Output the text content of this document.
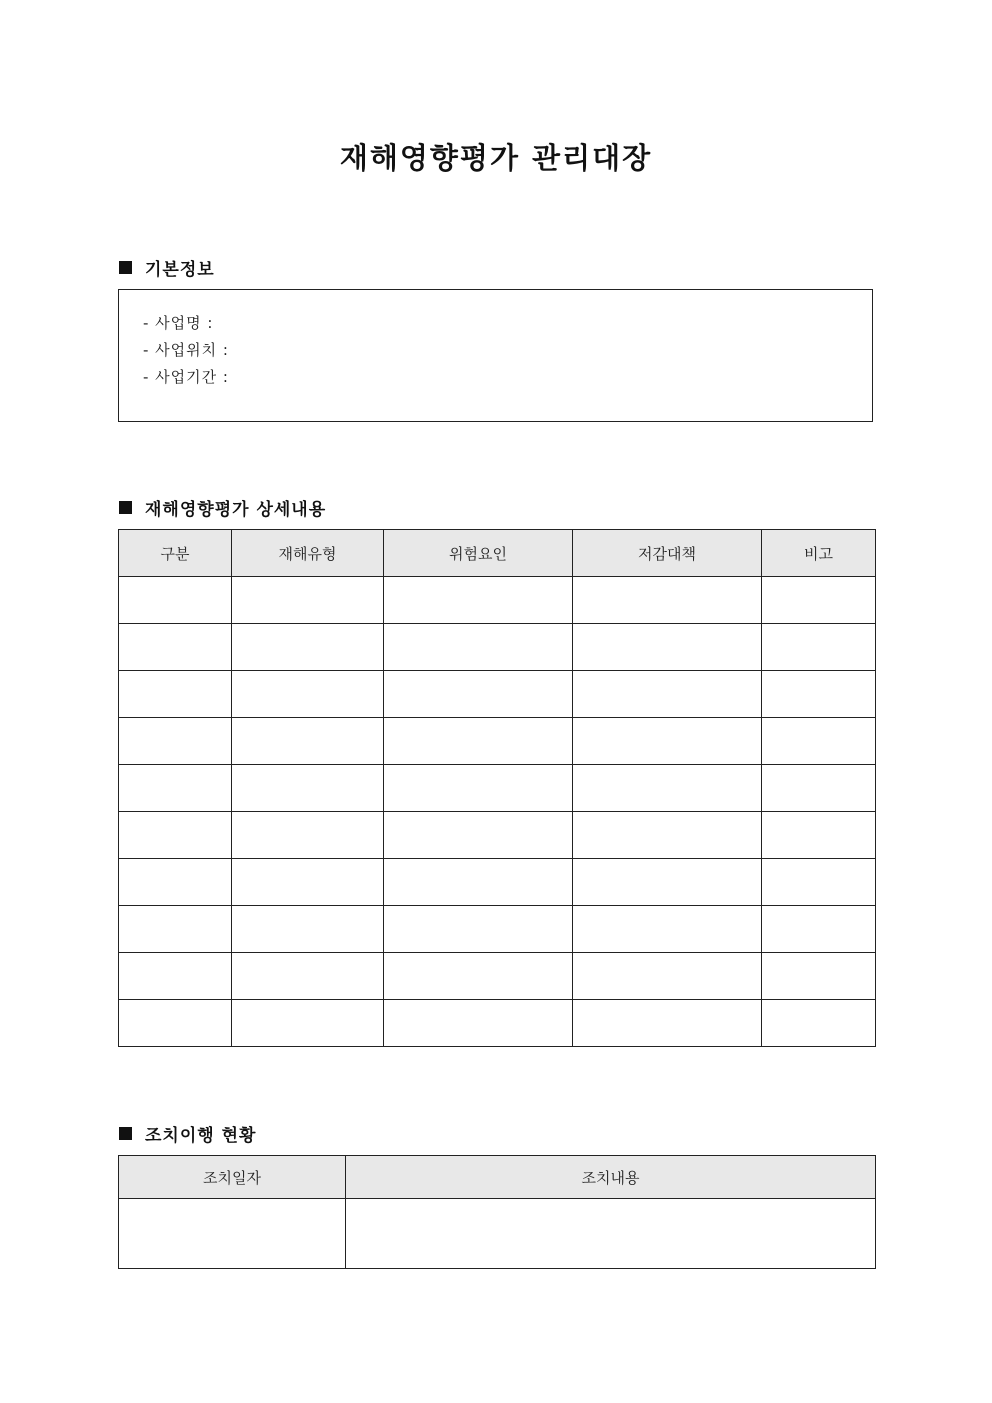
재해영향평가 관리대장
기본정보
- 사업명 :
- 사업위치 :
- 사업기간 :
재해영향평가 상세내용
구분	재해유형	위험요인	저감대책	비고

조치이행 현황
조치일자	조치내용
